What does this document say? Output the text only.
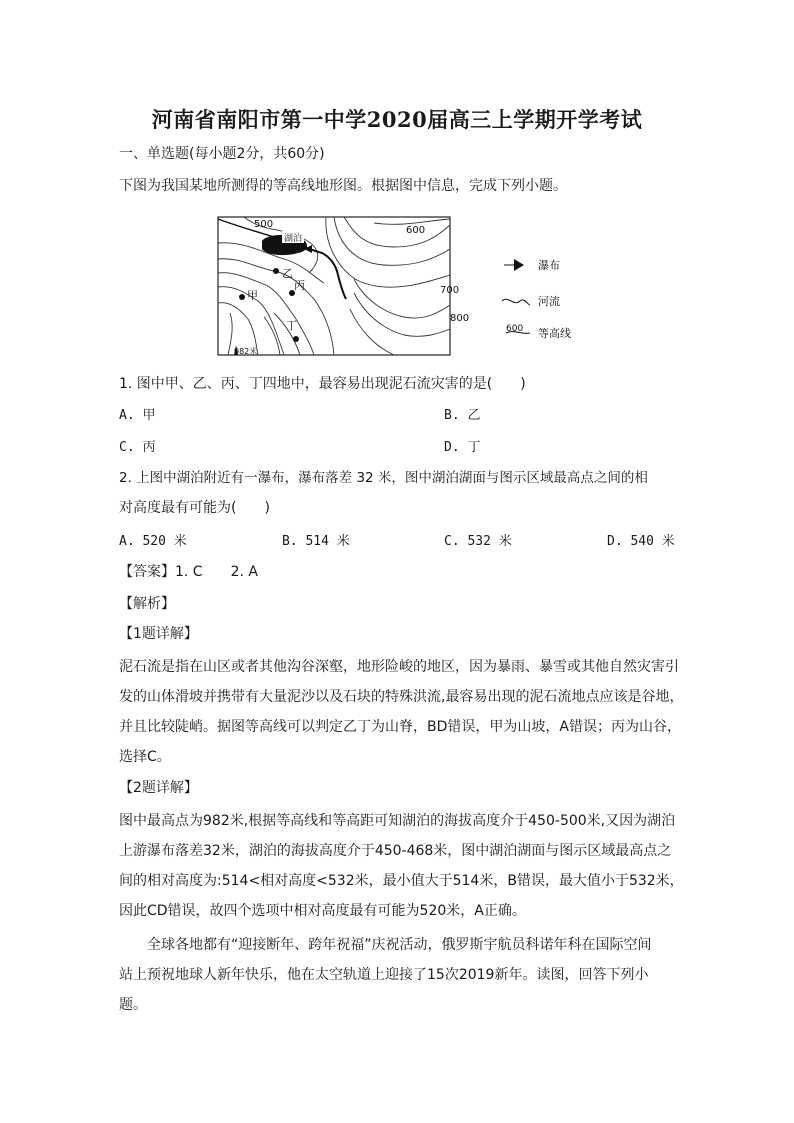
河南省南阳市第一中学2020届高三上学期开学考试
一、单选题(每小题2分，共60分)
下图为我国某地所测得的等高线地形图。根据图中信息，完成下列小题。
湖泊
500
600
700
800
甲
乙
丙
丁
982米
瀑布
河流
600 等高线
1. 图中甲、乙、丙、丁四地中，最容易出现泥石流灾害的是(　　)
A. 甲	B. 乙
C. 丙	D. 丁
2. 上图中湖泊附近有一瀑布，瀑布落差 32 米，图中湖泊湖面与图示区域最高点之间的相
对高度最有可能为(　　)
A. 520 米	B. 514 米	C. 532 米	D. 540 米
【答案】1. C　　2. A
【解析】
【1题详解】
泥石流是指在山区或者其他沟谷深壑，地形险峻的地区，因为暴雨、暴雪或其他自然灾害引发的山体滑坡并携带有大量泥沙以及石块的特殊洪流,最容易出现的泥石流地点应该是谷地，并且比较陡峭。据图等高线可以判定乙丁为山脊，BD错误，甲为山坡，A错误；丙为山谷，选择C。
【2题详解】
图中最高点为982米,根据等高线和等高距可知湖泊的海拔高度介于450-500米,又因为湖泊上游瀑布落差32米，湖泊的海拔高度介于450-468米，图中湖泊湖面与图示区域最高点之间的相对高度为:514<相对高度<532米，最小值大于514米，B错误，最大值小于532米，因此CD错误，故四个选项中相对高度最有可能为520米，A正确。
全球各地都有“迎接断年、跨年祝福”庆祝活动，俄罗斯宇航员科诺年科在国际空间站上预祝地球人新年快乐，他在太空轨道上迎接了15次2019新年。读图，回答下列小题。
